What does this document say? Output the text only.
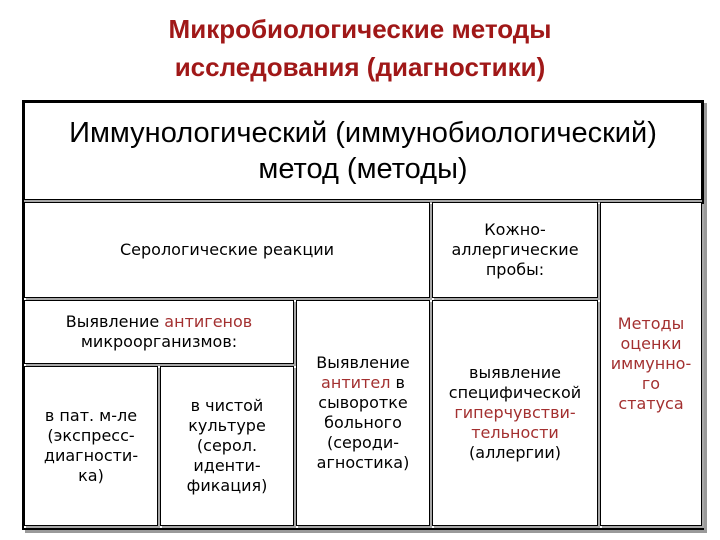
Микробиологические методы
исследования (диагностики)
Иммунологический (иммунобиологический)
метод (методы)
Серологические реакции
Кожно-
аллергические
пробы:
Выявление антигенов
микроорганизмов:
в пат. м-ле
(экспресс-
диагности-
ка)
в чистой
культуре
(серол.
иденти-
фикация)
Выявление
антител в
сыворотке
больного
(сероди-
агностика)
выявление
специфической
гиперчувстви-
тельности
(аллергии)
Методы
оценки
иммунно-
го
статуса
